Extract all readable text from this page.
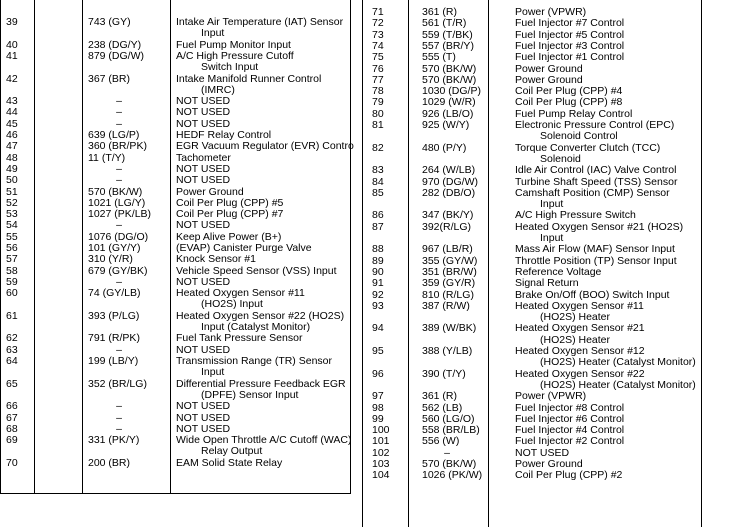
39	743 (GY)	Intake Air Temperature (IAT) Sensor
Input
40	238 (DG/Y)	Fuel Pump Monitor Input
41	879 (DG/W)	A/C High Pressure Cutoff
Switch Input
42	367 (BR)	Intake Manifold Runner Control
(IMRC)
43	–	NOT USED
44	–	NOT USED
45	–	NOT USED
46	639 (LG/P)	HEDF Relay Control
47	360 (BR/PK)	EGR Vacuum Regulator (EVR) Contro
48	11 (T/Y)	Tachometer
49	–	NOT USED
50	–	NOT USED
51	570 (BK/W)	Power Ground
52	1021 (LG/Y)	Coil Per Plug (CPP) #5
53	1027 (PK/LB) Coil Per Plug (CPP) #7
54	–	NOT USED
55	1076 (DG/O)	Keep Alive Power (B+)
56	101 (GY/Y)	(EVAP) Canister Purge Valve
57	310 (Y/R)	Knock Sensor #1
58	679 (GY/BK)	Vehicle Speed Sensor (VSS) Input
59	–	NOT USED
60	74 (GY/LB)	Heated Oxygen Sensor #11
(HO2S) Input
61	393 (P/LG)	Heated Oxygen Sensor #22 (HO2S)
Input (Catalyst Monitor)
62	791 (R/PK)	Fuel Tank Pressure Sensor
63	–	NOT USED
64	199 (LB/Y)	Transmission Range (TR) Sensor
Input
65	352 (BR/LG)	Differential Pressure Feedback EGR
(DPFE) Sensor Input
66	–	NOT USED
67	–	NOT USED
68	–	NOT USED
69	331 (PK/Y)	Wide Open Throttle A/C Cutoff (WAC)
Relay Output
70	200 (BR)	EAM Solid State Relay
71	361 (R)	Power (VPWR)
72	561 (T/R)	Fuel Injector #7 Control
73	559 (T/BK)	Fuel Injector #5 Control
74	557 (BR/Y)	Fuel Injector #3 Control
75	555 (T)	Fuel Injector #1 Control
76	570 (BK/W)	Power Ground
77	570 (BK/W)	Power Ground
78	1030 (DG/P)	Coil Per Plug (CPP) #4
79	1029 (W/R)	Coil Per Plug (CPP) #8
80	926 (LB/O)	Fuel Pump Relay Control
81	925 (W/Y)	Electronic Pressure Control (EPC)
Solenoid Control
82	480 (P/Y)	Torque Converter Clutch (TCC)
Solenoid
83	264 (W/LB)	Idle Air Control (IAC) Valve Control
84	970 (DG/W)	Turbine Shaft Speed (TSS) Sensor
85	282 (DB/O)	Camshaft Position (CMP) Sensor
Input
86	347 (BK/Y)	A/C High Pressure Switch
87	392(R/LG)	Heated Oxygen Sensor #21 (HO2S)
Input
88	967 (LB/R)	Mass Air Flow (MAF) Sensor Input
89	355 (GY/W)	Throttle Position (TP) Sensor Input
90	351 (BR/W)	Reference Voltage
91	359 (GY/R)	Signal Return
92	810 (R/LG)	Brake On/Off (BOO) Switch Input
93	387 (R/W)	Heated Oxygen Sensor #11
(HO2S) Heater
94	389 (W/BK)	Heated Oxygen Sensor #21
(HO2S) Heater
95	388 (Y/LB)	Heated Oxygen Sensor #12
(HO2S) Heater (Catalyst Monitor)
96	390 (T/Y)	Heated Oxygen Sensor #22
(HO2S) Heater (Catalyst Monitor)
97	361 (R)	Power (VPWR)
98	562 (LB)	Fuel Injector #8 Control
99	560 (LG/O)	Fuel Injector #6 Control
100	558 (BR/LB)	Fuel Injector #4 Control
101	556 (W)	Fuel Injector #2 Control
102	–	NOT USED
103	570 (BK/W)	Power Ground
104	1026 (PK/W)	Coil Per Plug (CPP) #2
